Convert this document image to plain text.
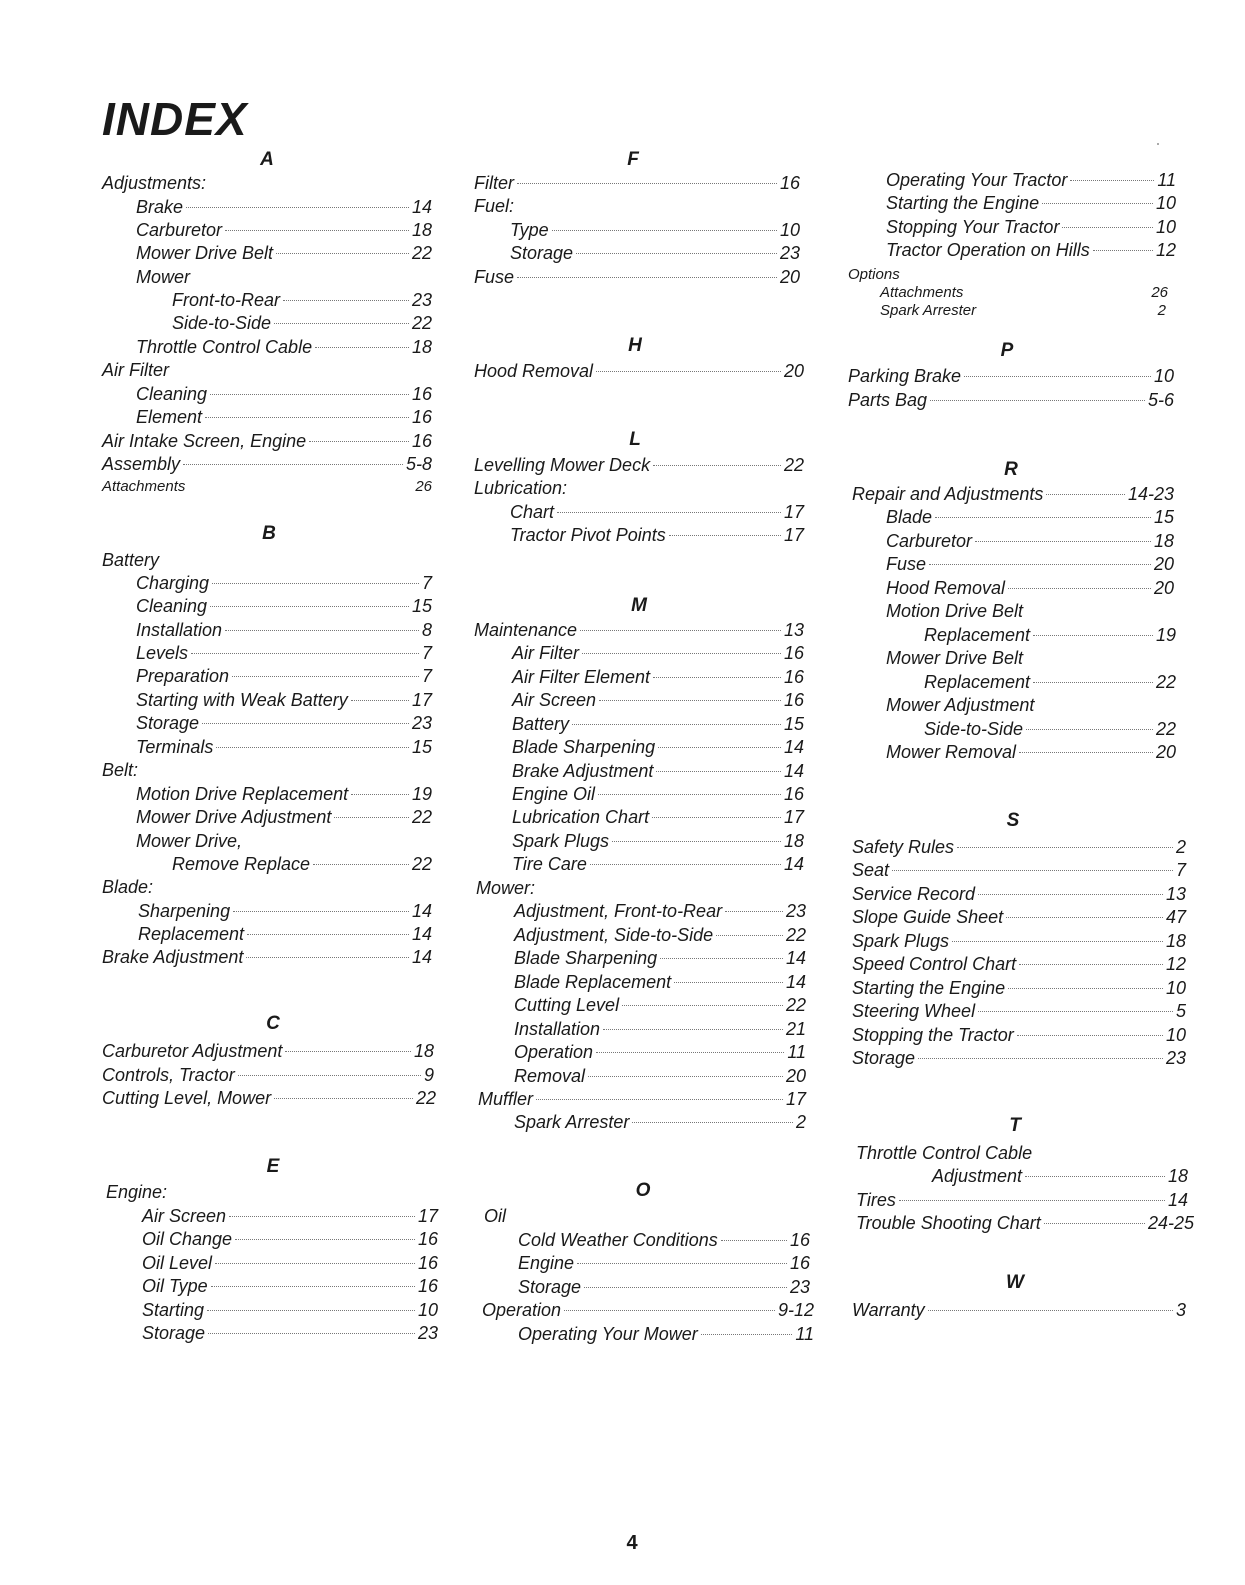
INDEX
A
B
C
E
F
H
L
M
O
P
R
S
T
W
Adjustments:
Brake	14
Carburetor	18
Mower Drive Belt	22
Mower
Front-to-Rear	23
Side-to-Side	22
Throttle Control Cable	18
Air Filter
Cleaning	16
Element	16
Air Intake Screen, Engine	16
Assembly	5-8
Attachments	26
Battery
Charging	7
Cleaning	15
Installation	8
Levels	7
Preparation	7
Starting with Weak Battery	17
Storage	23
Terminals	15
Belt:
Motion Drive Replacement	19
Mower Drive Adjustment	22
Mower Drive,
Remove Replace	22
Blade:
Sharpening	14
Replacement	14
Brake Adjustment	14
Carburetor Adjustment	18
Controls, Tractor	9
Cutting Level, Mower	22
Engine:
Air Screen	17
Oil Change	16
Oil Level	16
Oil Type	16
Starting	10
Storage	23
Filter	16
Fuel:
Type	10
Storage	23
Fuse	20
Hood Removal	20
Levelling Mower Deck	22
Lubrication:
Chart	17
Tractor Pivot Points	17
Maintenance	13
Air Filter	16
Air Filter Element	16
Air Screen	16
Battery	15
Blade Sharpening	14
Brake Adjustment	14
Engine Oil	16
Lubrication Chart	17
Spark Plugs	18
Tire Care	14
Mower:
Adjustment, Front-to-Rear	23
Adjustment, Side-to-Side	22
Blade Sharpening	14
Blade Replacement	14
Cutting Level	22
Installation	21
Operation	11
Removal	20
Muffler	17
Spark Arrester	2
Oil
Cold Weather Conditions	16
Engine	16
Storage	23
Operation	9-12
Operating Your Mower	11
Operating Your Tractor	11
Starting the Engine	10
Stopping Your Tractor	10
Tractor Operation on Hills	12
Options
Attachments	26
Spark Arrester	2
Parking Brake	10
Parts Bag	5-6
Repair and Adjustments	14-23
Blade	15
Carburetor	18
Fuse	20
Hood Removal	20
Motion Drive Belt
Replacement	19
Mower Drive Belt
Replacement	22
Mower Adjustment
Side-to-Side	22
Mower Removal	20
Safety Rules	2
Seat	7
Service Record	13
Slope Guide Sheet	47
Spark Plugs	18
Speed Control Chart	12
Starting the Engine	10
Steering Wheel	5
Stopping the Tractor	10
Storage	23
Throttle Control Cable
Adjustment	18
Tires	14
Trouble Shooting Chart	24-25
Warranty	3
4
